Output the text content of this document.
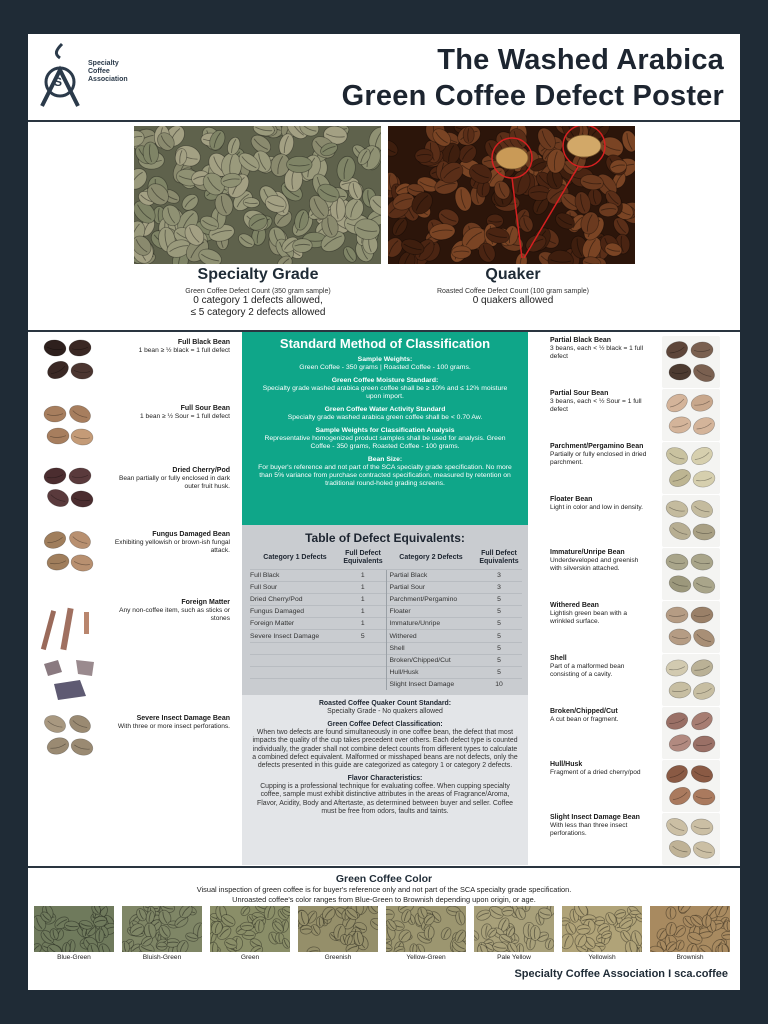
S
Specialty
Coffee
Association
The Washed Arabica
Green Coffee Defect Poster
Specialty Grade
Green Coffee Defect Count (350 gram sample)
0 category 1 defects allowed,
≤ 5 category 2 defects allowed
Quaker
Roasted Coffee Defect Count (100 gram sample)
0 quakers allowed
Full Black Bean
1 bean ≥ ½ black = 1 full defect
Full Sour Bean
1 bean ≥ ½ Sour = 1 full defect
Dried Cherry/Pod
Bean partially or fully enclosed in dark outer fruit husk.
Fungus Damaged Bean
Exhibiting yellowish or brown-ish fungal attack.
Foreign Matter
Any non-coffee item, such as sticks or stones
Severe Insect Damage Bean
With three or more insect perforations.
Partial Black Bean
3 beans, each < ½ black = 1 full defect
Partial Sour Bean
3 beans, each < ½ Sour = 1 full defect
Parchment/Pergamino Bean
Partially or fully enclosed in dried parchment.
Floater Bean
Light in color and low in density.
Immature/Unripe Bean
Underdeveloped and greenish with silverskin attached.
Withered Bean
Lightish green bean with a wrinkled surface.
Shell
Part of a malformed bean consisting of a cavity.
Broken/Chipped/Cut
A cut bean or fragment.
Hull/Husk
Fragment of a dried cherry/pod
Slight Insect Damage Bean
With less than three insect perforations.
Standard Method of Classification
Sample Weights:
Green Coffee - 350 grams | Roasted Coffee - 100 grams.
Green Coffee Moisture Standard:
Specialty grade washed arabica green coffee shall be ≥ 10% and ≤ 12% moisture upon import.
Green Coffee Water Activity Standard
Specialty grade washed arabica green coffee shall be < 0.70 Aw.
Sample Weights for Classification Analysis
Representative homogenized product samples shall be used for analysis. Green Coffee - 350 grams, Roasted Coffee - 100 grams.
Bean Size:
For buyer's reference and not part of the SCA specialty grade specification. No more than 5% variance from purchase contracted specification, measured by retention on traditional round-holed grading screens.
Table of Defect Equivalents:
Category 1 Defects	Full Defect Equivalents	Category 2 Defects	Full Defect Equivalents
Full Black	1	Partial Black	3
Full Sour	1	Partial Sour	3
Dried Cherry/Pod	1	Parchment/Pergamino	5
Fungus Damaged	1	Floater	5
Foreign Matter	1	Immature/Unripe	5
Severe Insect Damage	5	Withered	5
		Shell	5
		Broken/Chipped/Cut	5
		Hull/Husk	5
		Slight Insect Damage	10
Roasted Coffee Quaker Count Standard:
Specialty Grade - No quakers allowed
Green Coffee Defect Classification:
When two defects are found simultaneously in one coffee bean, the defect that most impacts the quality of the cup takes precedent over others. Each defect type is counted individually, the grader shall not combine defect counts from different types to calculate a combined defect equivalent. Malformed or misshaped beans are not defects, only the defects presented in this guide are categorized as category 1 or category 2 defects.
Flavor Characteristics:
Cupping is a professional technique for evaluating coffee. When cupping specialty coffee, sample must exhibit distinctive attributes in the areas of Fragrance/Aroma, Flavor, Acidity, Body and Aftertaste, as determined between buyer and seller. Coffee must be free from odors, faults and taints.
Green Coffee Color
Visual inspection of green coffee is for buyer's reference only and not part of the SCA specialty grade specification.
Unroasted coffee's color ranges from Blue-Green to Brownish depending upon origin, or age.
Blue-Green	Bluish-Green	Green	Greenish	Yellow-Green	Pale Yellow	Yellowish	Brownish
Specialty Coffee Association I sca.coffee
